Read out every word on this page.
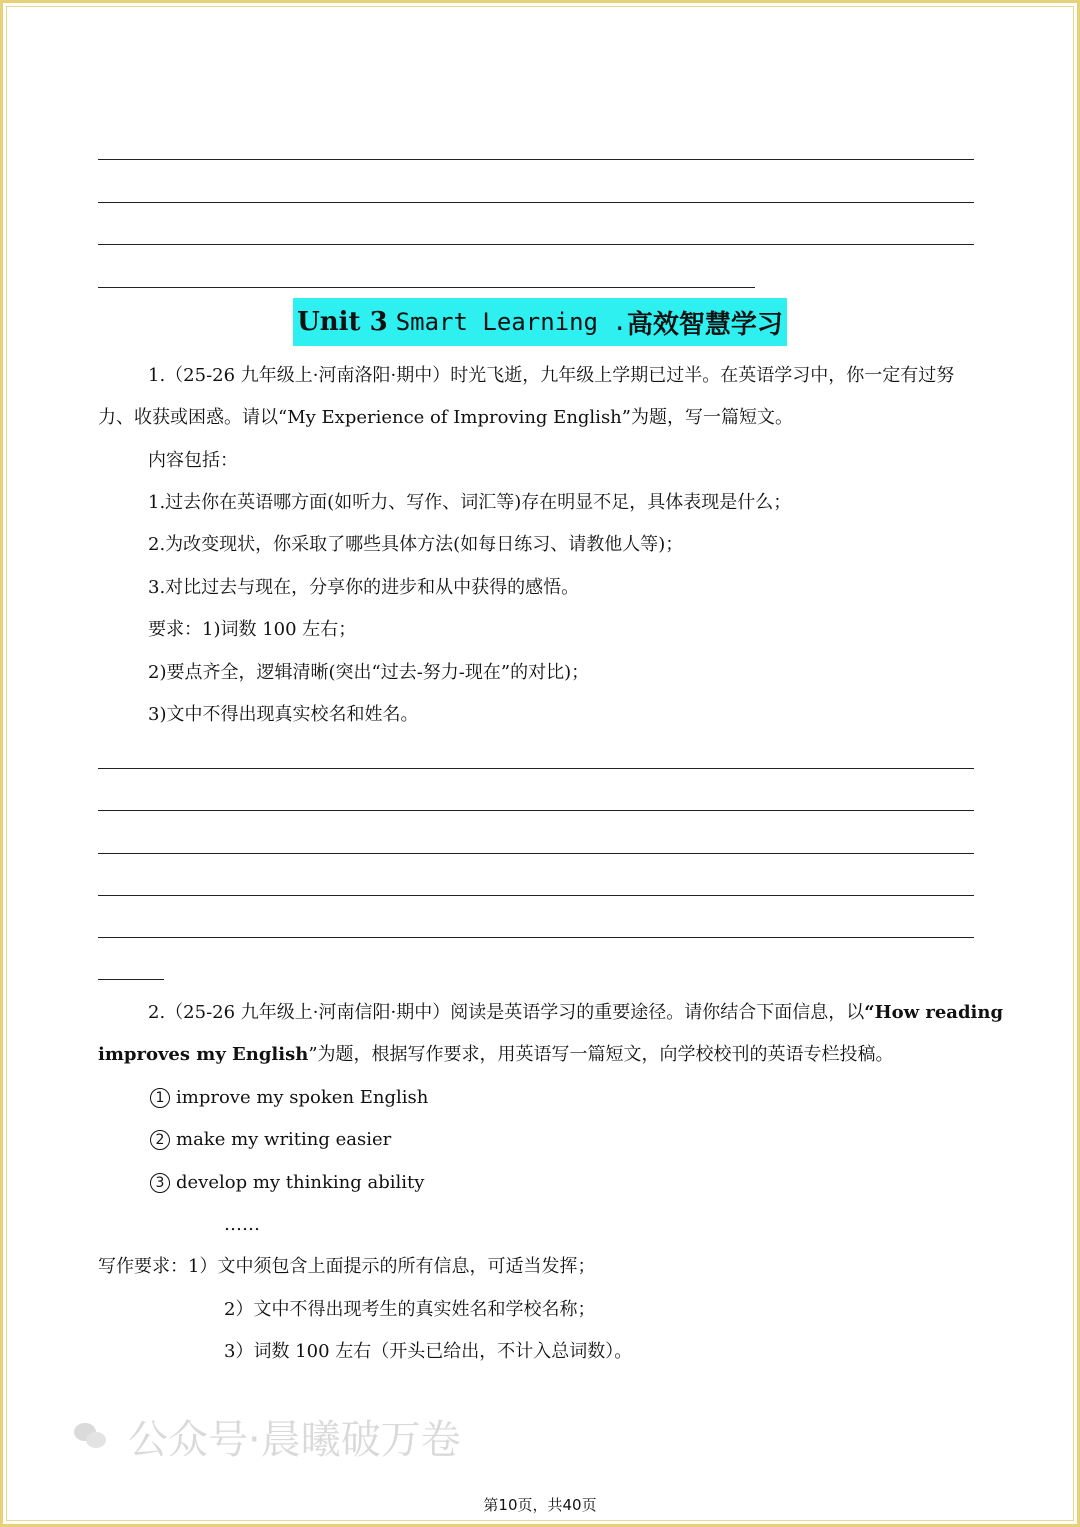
Unit 3 Smart Learning . 高效智慧学习
1.（25-26 九年级上·河南洛阳·期中）时光飞逝，九年级上学期已过半。在英语学习中，你一定有过努
力、收获或困惑。请以“My Experience of Improving English”为题，写一篇短文。
内容包括：
1.过去你在英语哪方面(如听力、写作、词汇等)存在明显不足，具体表现是什么；
2.为改变现状，你采取了哪些具体方法(如每日练习、请教他人等)；
3.对比过去与现在，分享你的进步和从中获得的感悟。
要求：1)词数 100 左右；
2)要点齐全，逻辑清晰(突出“过去-努力-现在”的对比)；
3)文中不得出现真实校名和姓名。
2.（25-26 九年级上·河南信阳·期中）阅读是英语学习的重要途径。请你结合下面信息，以“How reading
improves my English”为题，根据写作要求，用英语写一篇短文，向学校校刊的英语专栏投稿。
1 improve my spoken English
2 make my writing easier
3 develop my thinking ability
……
写作要求：1）文中须包含上面提示的所有信息，可适当发挥；
2）文中不得出现考生的真实姓名和学校名称；
3）词数 100 左右（开头已给出，不计入总词数）。
公众号·晨曦破万卷
第10页，共40页
